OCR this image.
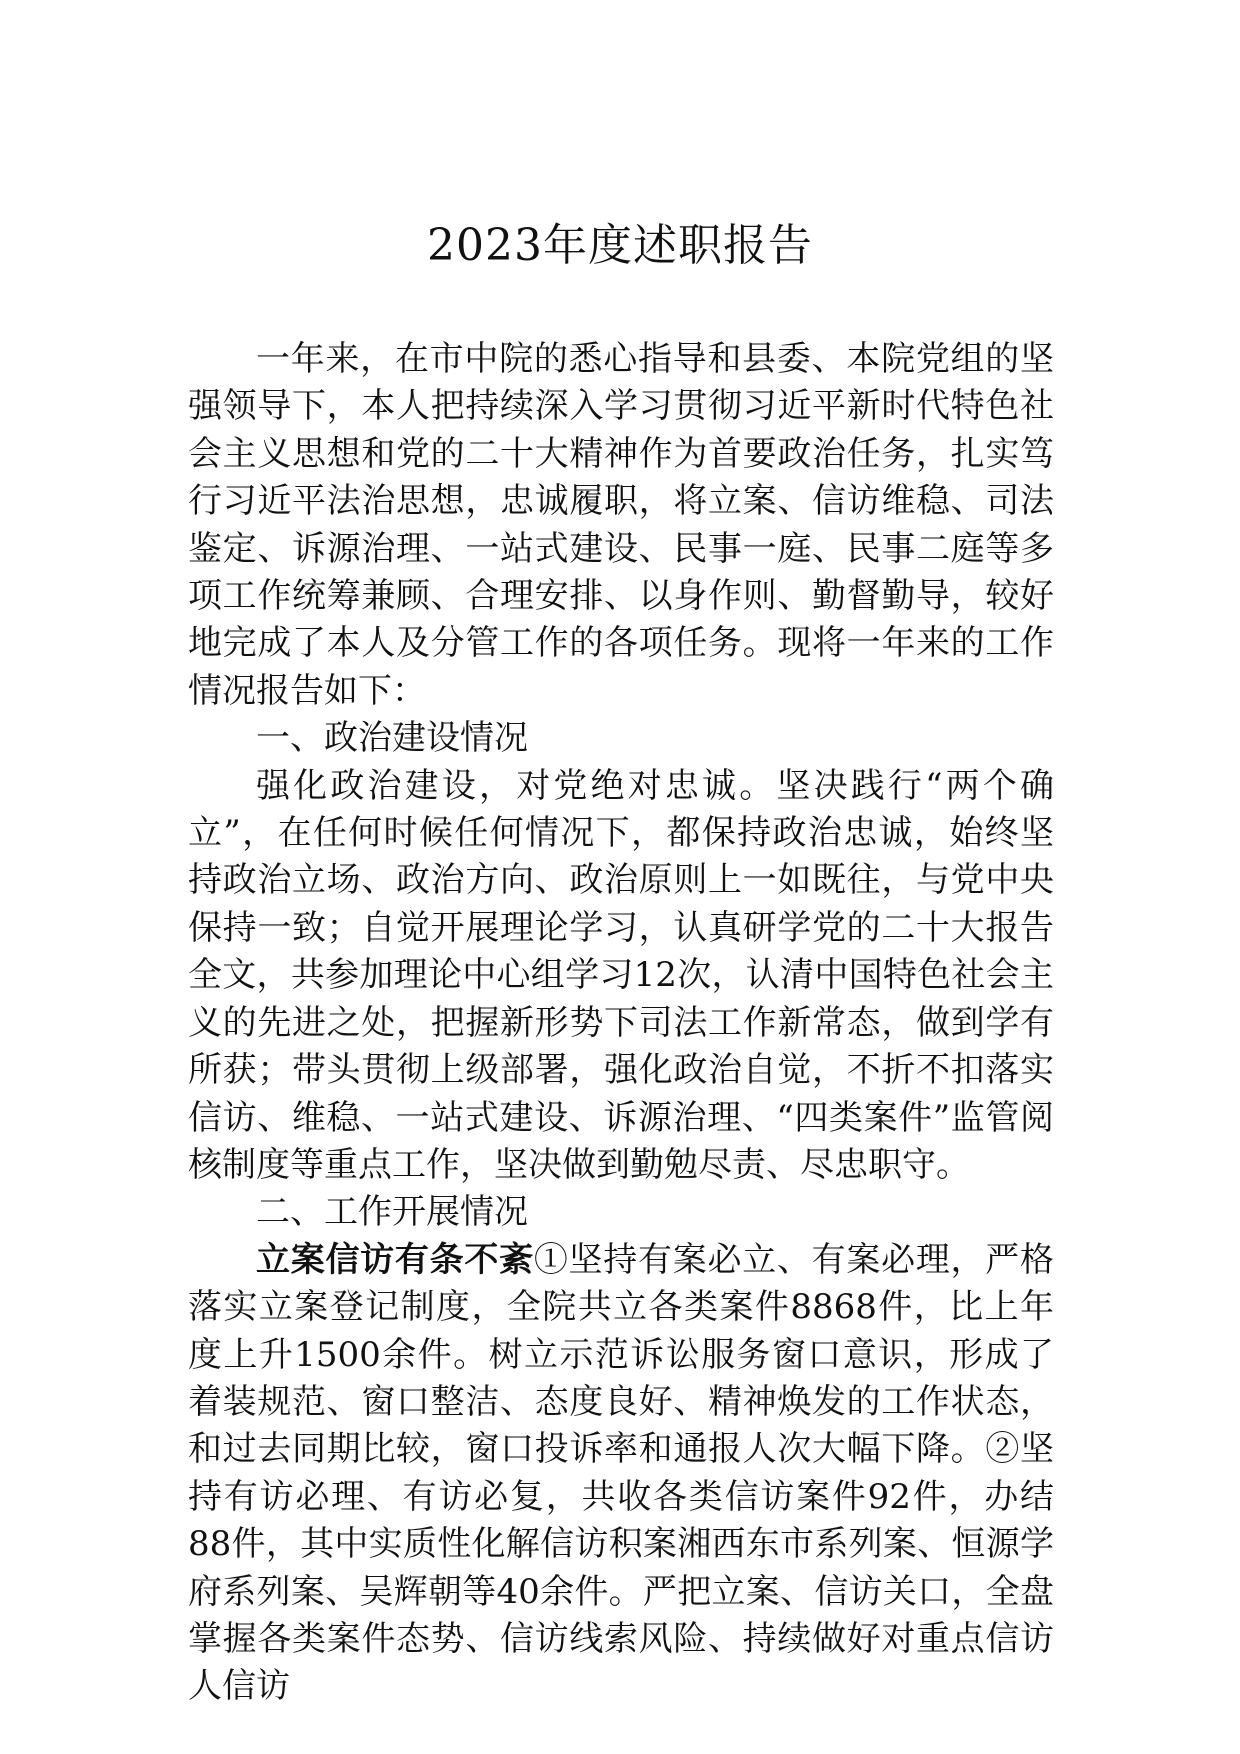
2023年度述职报告

一年来，在市中院的悉心指导和县委、本院党组的坚强领导下，本人把持续深入学习贯彻习近平新时代特色社会主义思想和党的二十大精神作为首要政治任务，扎实笃行习近平法治思想，忠诚履职，将立案、信访维稳、司法鉴定、诉源治理、一站式建设、民事一庭、民事二庭等多项工作统筹兼顾、合理安排、以身作则、勤督勤导，较好地完成了本人及分管工作的各项任务。现将一年来的工作情况报告如下：

一、政治建设情况

强化政治建设，对党绝对忠诚。坚决践行“两个确立”，在任何时候任何情况下，都保持政治忠诚，始终坚持政治立场、政治方向、政治原则上一如既往，与党中央保持一致；自觉开展理论学习，认真研学党的二十大报告全文，共参加理论中心组学习12次，认清中国特色社会主义的先进之处，把握新形势下司法工作新常态，做到学有所获；带头贯彻上级部署，强化政治自觉，不折不扣落实信访、维稳、一站式建设、诉源治理、“四类案件”监管阅核制度等重点工作，坚决做到勤勉尽责、尽忠职守。

二、工作开展情况

立案信访有条不紊①坚持有案必立、有案必理，严格落实立案登记制度，全院共立各类案件8868件，比上年度上升1500余件。树立示范诉讼服务窗口意识，形成了着装规范、窗口整洁、态度良好、精神焕发的工作状态，和过去同期比较，窗口投诉率和通报人次大幅下降。②坚持有访必理、有访必复，共收各类信访案件92件，办结88件，其中实质性化解信访积案湘西东市系列案、恒源学府系列案、吴辉朝等40余件。严把立案、信访关口，全盘掌握各类案件态势、信访线索风险、持续做好对重点信访人信访
